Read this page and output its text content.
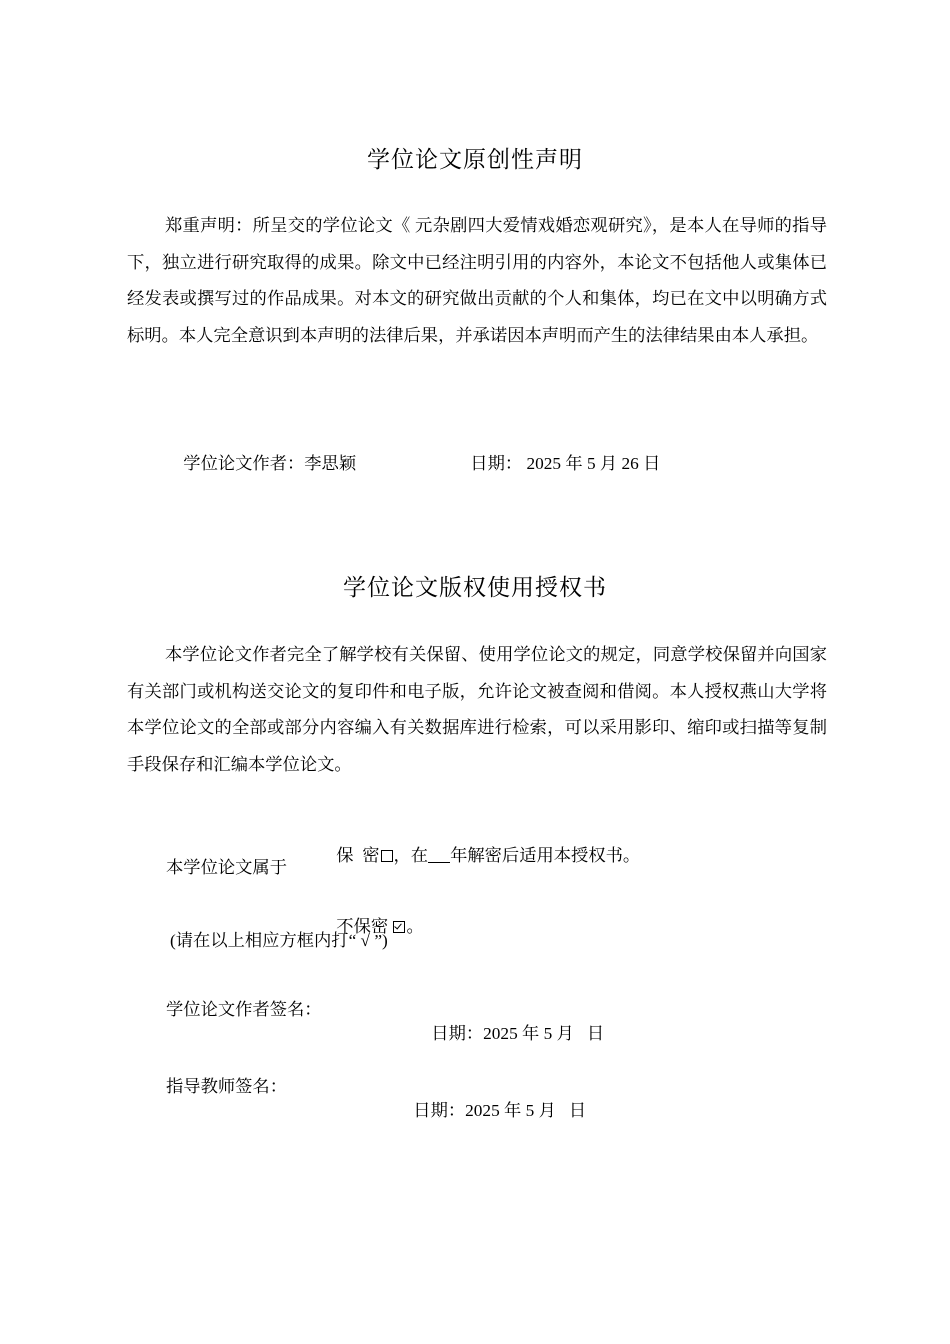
学位论文原创性声明

郑重声明：所呈交的学位论文《 元杂剧四大爱情戏婚恋观研究》，是本人在导师的指导下，独立进行研究取得的成果。除文中已经注明引用的内容外，本论文不包括他人或集体已经发表或撰写过的作品成果。对本文的研究做出贡献的个人和集体，均已在文中以明确方式标明。本人完全意识到本声明的法律后果，并承诺因本声明而产生的法律结果由本人承担。

学位论文作者：李思颖
	日期： 2025 年 5 月 26 日

学位论文版权使用授权书

本学位论文作者完全了解学校有关保留、使用学位论文的规定，同意学校保留并向国家有关部门或机构送交论文的复印件和电子版，允许论文被查阅和借阅。本人授权燕山大学将本学位论文的全部或部分内容编入有关数据库进行检索，可以采用影印、缩印或扫描等复制手段保存和汇编本学位论文。

保  密 ，在 年解密后适用本授权书。

本学位论文属于

不保密 。

(请在以上相应方框内打“ √ ”)
学位论文作者签名：

日期：2025 年 5 月   日

指导教师签名：

日期：2025 年 5 月   日
